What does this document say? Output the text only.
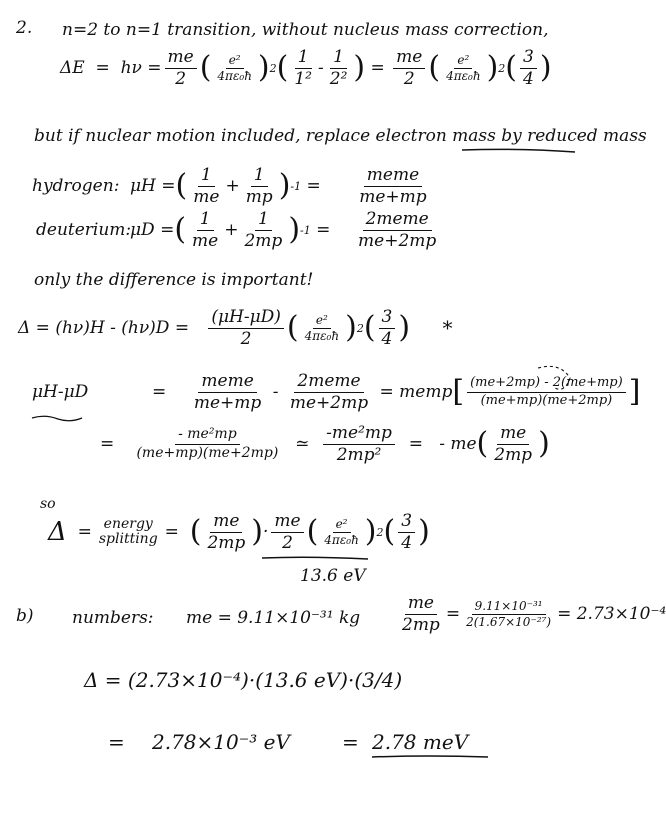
2. n=2 to n=1 transition, without nucleus mass correction,
ΔE
=
hν
= $\frac{me}{2}$ ( $\frac{\text{e²}}{\text{4πε₀ħ}}$ ) 2 ( $\frac{1}{\text{1²}} - \frac{1}{\text{2²}}$ )
=
$\frac{me}{2}$ ( $\frac{\text{e²}}{\text{4πε₀ħ}}$ ) 2 ( $\frac{3}{4}$ )
but if nuclear motion included, replace electron mass by reduced mass
hydrogen: μH = ( $\frac{1}{me} + \frac{1}{mp}$ ) -1
=
$\frac{\text{meme}}{me+mp}$
deuterium:
μD = ( $\frac{1}{me} + \frac{1}{2mp}$ ) -1
=
$\frac{\text{2meme}}{me+2mp}$
only the difference is important!
Δ = (hν)H - (hν)D =
$\frac{(\mu H-\mu D)}{2}$ ( $\frac{\text{e²}}{\text{4πε₀ħ}}$ ) 2 ( $\frac{3}{4}$ )
*
μH-μD	=
$\frac{\text{meme}}{me+mp}$
-
$\frac{\text{2meme}}{me+2mp}$
= memp [ $\frac{(me+2mp) - 2(me+mp)}{(me+mp)(me+2mp)}$ ]
=
$\frac{\text{- me²mp}}{(me+mp)(me+2mp)}$
≃
$\frac{\text{-me²mp}}{\text{2mp²}}$
=
-
me ( $\frac{me}{2mp}$ )
so
Δ
=
energy splitting
=
( $\frac{me}{2mp}$ ) · $\frac{me}{2}$ ( $\frac{\text{e²}}{\text{4πε₀ħ}}$ ) 2 ( $\frac{3}{4}$ )
13.6 eV
b) numbers: me = 9.11×10⁻³¹ kg $\frac{me}{2mp} = \frac{\text{9.11×10⁻³¹}}{\text{2(1.67×10⁻²⁷)}} = 2.73\times 10^{-4}$
Δ = (2.73×10⁻⁴)·(13.6 eV)·(3/4)
= 2.78×10⁻³ eV	= 2.78 meV
